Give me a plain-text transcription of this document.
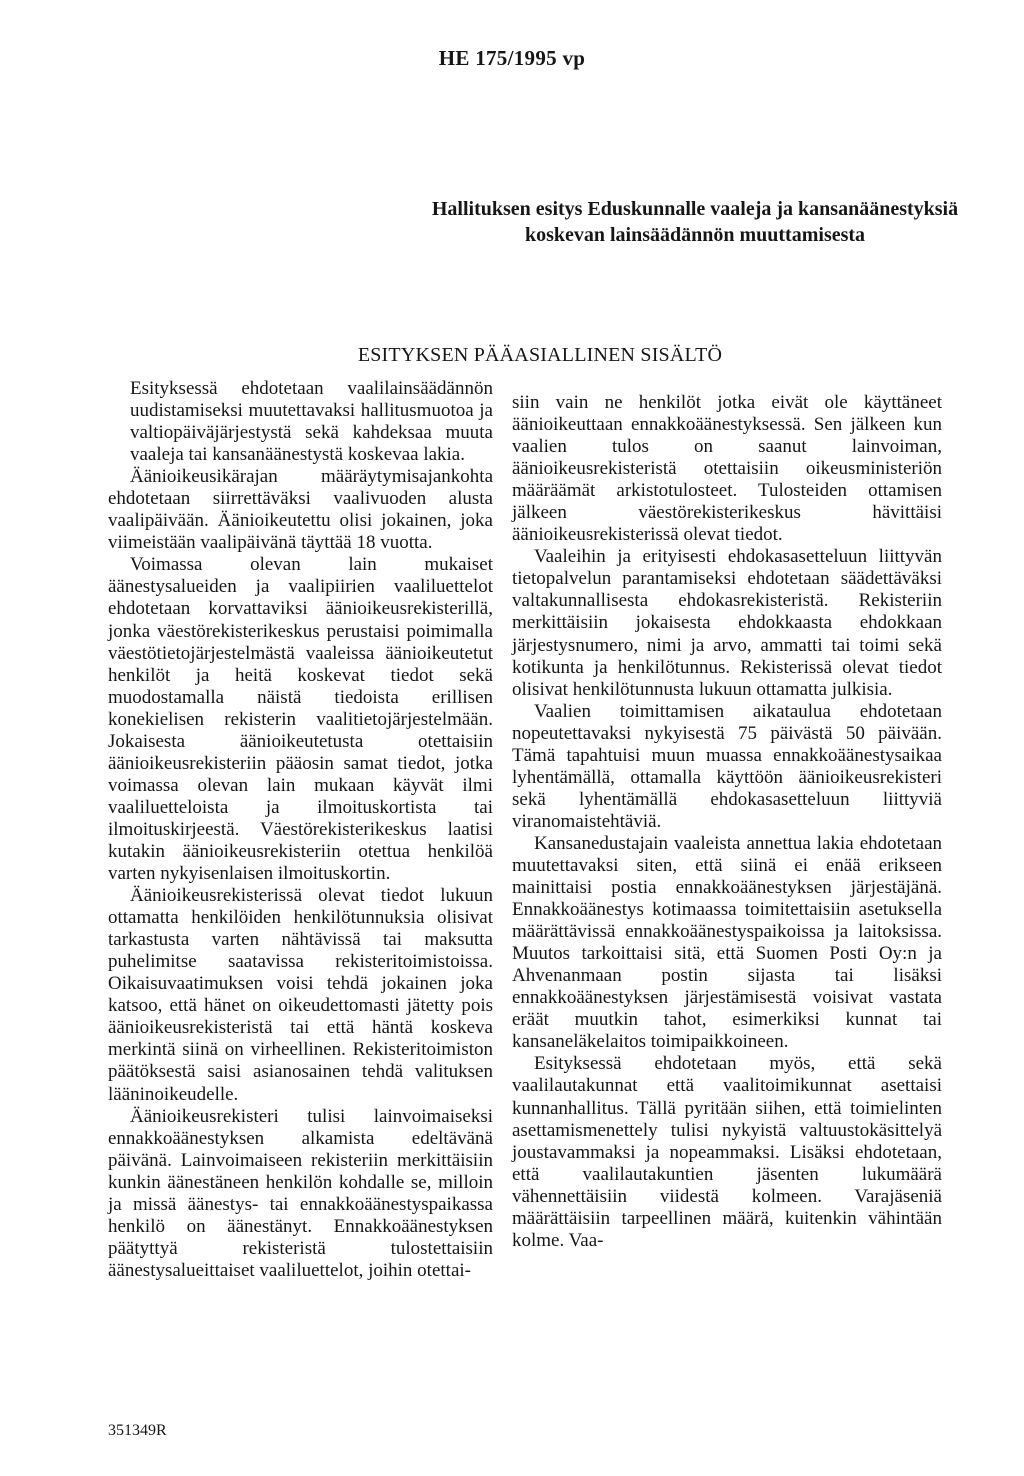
HE 175/1995 vp
Hallituksen esitys Eduskunnalle vaaleja ja kansanäänestyksiä
koskevan lainsäädännön muuttamisesta
ESITYKSEN PÄÄASIALLINEN SISÄLTÖ

Esityksessä ehdotetaan vaalilainsäädännön uudistamiseksi muutettavaksi hallitusmuotoa ja valtiopäiväjärjestystä sekä kahdeksaa muuta vaaleja tai kansanäänestystä koskevaa lakia.

Äänioikeusikärajan määräytymisajankohta ehdotetaan siirrettäväksi vaalivuoden alusta vaalipäivään. Äänioikeutettu olisi jokainen, joka viimeistään vaalipäivänä täyttää 18 vuotta.

Voimassa olevan lain mukaiset äänestysalueiden ja vaalipiirien vaaliluettelot ehdotetaan korvattaviksi äänioikeusrekisterillä, jonka väestörekisterikeskus perustaisi poimimalla väestötietojärjestelmästä vaaleissa äänioikeutetut henkilöt ja heitä koskevat tiedot sekä muodostamalla näistä tiedoista erillisen konekielisen rekisterin vaalitietojärjestelmään. Jokaisesta äänioikeutetusta otettaisiin äänioikeusrekisteriin pääosin samat tiedot, jotka voimassa olevan lain mukaan käyvät ilmi vaaliluetteloista ja ilmoituskortista tai ilmoituskirjeestä. Väestörekisterikeskus laatisi kutakin äänioikeusrekisteriin otettua henkilöä varten nykyisenlaisen ilmoituskortin.

Äänioikeusrekisterissä olevat tiedot lukuun ottamatta henkilöiden henkilötunnuksia olisivat tarkastusta varten nähtävissä tai maksutta puhelimitse saatavissa rekisteritoimistoissa. Oikaisuvaatimuksen voisi tehdä jokainen joka katsoo, että hänet on oikeudettomasti jätetty pois äänioikeusrekisteristä tai että häntä koskeva merkintä siinä on virheellinen. Rekisteritoimiston päätöksestä saisi asianosainen tehdä valituksen lääninoikeudelle.

Äänioikeusrekisteri tulisi lainvoimaiseksi ennakkoäänestyksen alkamista edeltävänä päivänä. Lainvoimaiseen rekisteriin merkittäisiin kunkin äänestäneen henkilön kohdalle se, milloin ja missä äänestys- tai ennakkoäänestyspaikassa henkilö on äänestänyt. Ennakkoäänestyksen päätyttyä rekisteristä tulostettaisiin äänestysalueittaiset vaaliluettelot, joihin otettai-

siin vain ne henkilöt jotka eivät ole käyttäneet äänioikeuttaan ennakkoäänestyksessä. Sen jälkeen kun vaalien tulos on saanut lainvoiman, äänioikeusrekisteristä otettaisiin oikeusministeriön määräämät arkistotulosteet. Tulosteiden ottamisen jälkeen väestörekisterikeskus hävittäisi äänioikeusrekisterissä olevat tiedot.

Vaaleihin ja erityisesti ehdokasasetteluun liittyvän tietopalvelun parantamiseksi ehdotetaan säädettäväksi valtakunnallisesta ehdokasrekisteristä. Rekisteriin merkittäisiin jokaisesta ehdokkaasta ehdokkaan järjestysnumero, nimi ja arvo, ammatti tai toimi sekä kotikunta ja henkilötunnus. Rekisterissä olevat tiedot olisivat henkilötunnusta lukuun ottamatta julkisia.

Vaalien toimittamisen aikataulua ehdotetaan nopeutettavaksi nykyisestä 75 päivästä 50 päivään. Tämä tapahtuisi muun muassa ennakkoäänestysaikaa lyhentämällä, ottamalla käyttöön äänioikeusrekisteri sekä lyhentämällä ehdokasasetteluun liittyviä viranomaistehtäviä.

Kansanedustajain vaaleista annettua lakia ehdotetaan muutettavaksi siten, että siinä ei enää erikseen mainittaisi postia ennakkoäänestyksen järjestäjänä. Ennakkoäänestys kotimaassa toimitettaisiin asetuksella määrättävissä ennakkoäänestyspaikoissa ja laitoksissa. Muutos tarkoittaisi sitä, että Suomen Posti Oy:n ja Ahvenanmaan postin sijasta tai lisäksi ennakkoäänestyksen järjestämisestä voisivat vastata eräät muutkin tahot, esimerkiksi kunnat tai kansaneläkelaitos toimipaikkoineen.

Esityksessä ehdotetaan myös, että sekä vaalilautakunnat että vaalitoimikunnat asettaisi kunnanhallitus. Tällä pyritään siihen, että toimielinten asettamismenettely tulisi nykyistä valtuustokäsittelyä joustavammaksi ja nopeammaksi. Lisäksi ehdotetaan, että vaalilautakuntien jäsenten lukumäärä vähennettäisiin viidestä kolmeen. Varajäseniä määrättäisiin tarpeellinen määrä, kuitenkin vähintään kolme. Vaa-

351349R
